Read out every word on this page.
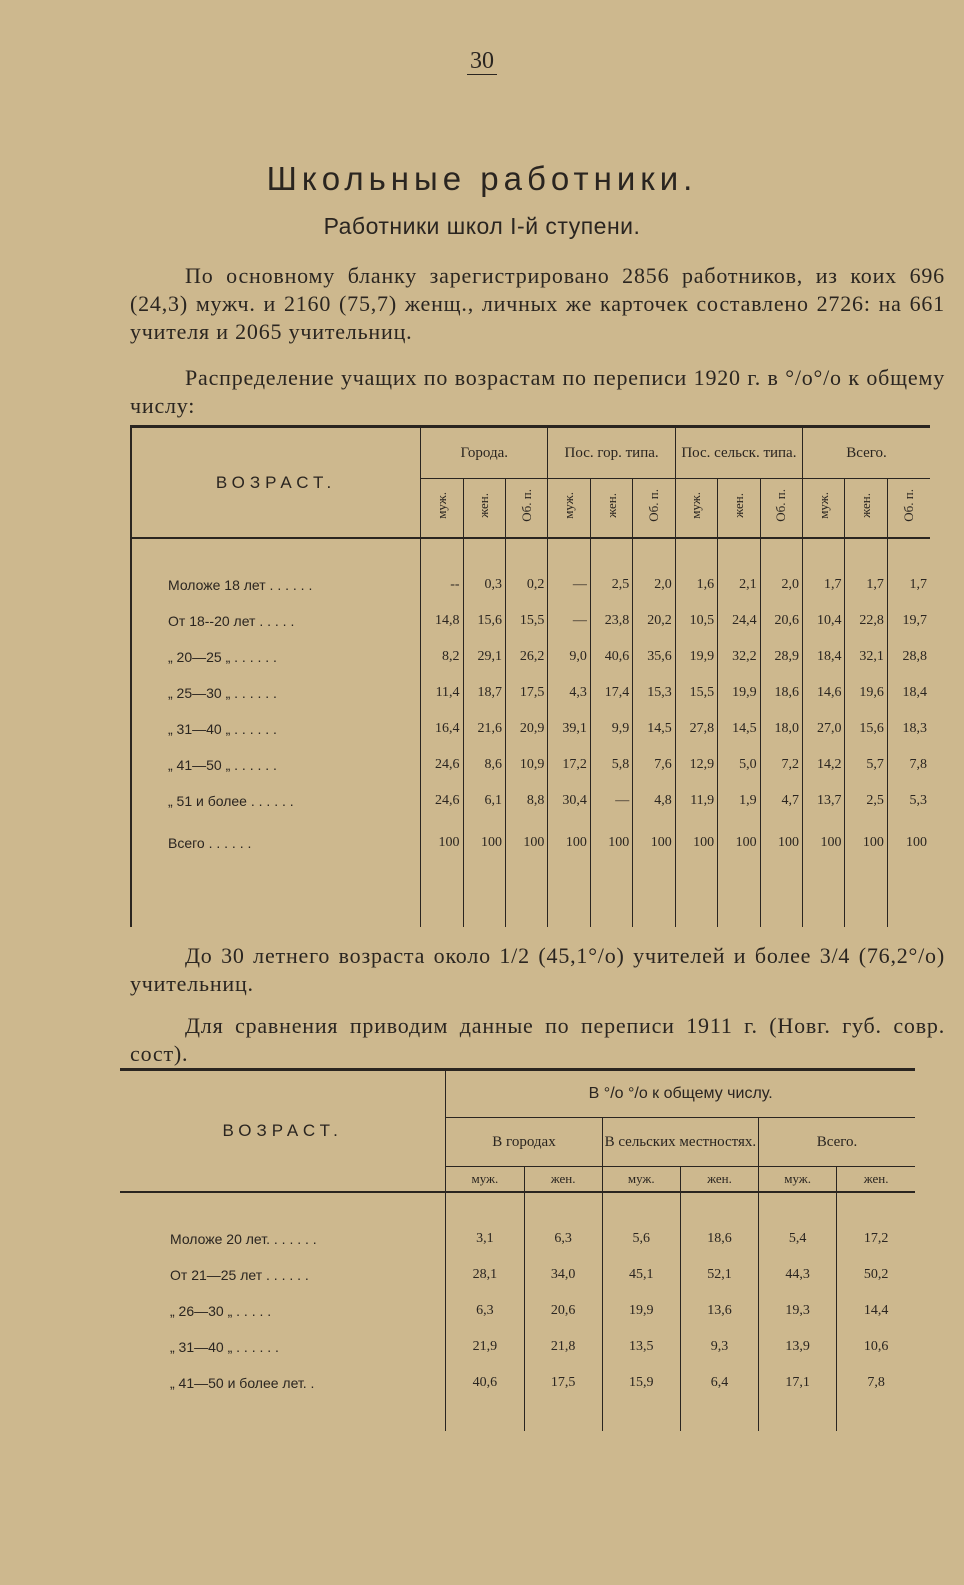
30
Школьные работники.
Работники школ I-й ступени.
По основному бланку зарегистрировано 2856 работников, из коих 696 (24,3) мужч. и 2160 (75,7) женщ., личных же карточек составлено 2726: на 661 учителя и 2065 учительниц.
Распределение учащих по возрастам по переписи 1920 г. в °/о°/о к общему числу:
ВОЗРАСТ.	Города.			Пос. гор. типа.			Пос. сельск. типа.			Всего.		
	муж.	жен.	Об. п.	муж.	жен.	Об. п.	муж.	жен.	Об. п.	муж.	жен.	Об. п.

Моложе 18 лет . . . . . .	--	0,3	0,2	—	2,5	2,0	1,6	2,1	2,0	1,7	1,7	1,7
От 18--20 лет . . . . .	14,8	15,6	15,5	—	23,8	20,2	10,5	24,4	20,6	10,4	22,8	19,7
„ 20—25 „ . . . . . .	8,2	29,1	26,2	9,0	40,6	35,6	19,9	32,2	28,9	18,4	32,1	28,8
„ 25—30 „ . . . . . .	11,4	18,7	17,5	4,3	17,4	15,3	15,5	19,9	18,6	14,6	19,6	18,4
„ 31—40 „ . . . . . .	16,4	21,6	20,9	39,1	9,9	14,5	27,8	14,5	18,0	27,0	15,6	18,3
„ 41—50 „ . . . . . .	24,6	8,6	10,9	17,2	5,8	7,6	12,9	5,0	7,2	14,2	5,7	7,8
„ 51 и более . . . . . .	24,6	6,1	8,8	30,4	—	4,8	11,9	1,9	4,7	13,7	2,5	5,3
Всего . . . . . .	100	100	100	100	100	100	100	100	100	100	100	100

До 30 летнего возраста около 1/2 (45,1°/о) учителей и более 3/4 (76,2°/о) учительниц.
Для сравнения приводим данные по переписи 1911 г. (Новг. губ. совр. сост).
ВОЗРАСТ.	В °/о °/о к общему числу.					
	В городах		В сельских местностях.		Всего.	
	муж.	жен.	муж.	жен.	муж.	жен.

Моложе 20 лет. . . . . . .	3,1	6,3	5,6	18,6	5,4	17,2
От 21—25 лет . . . . . .	28,1	34,0	45,1	52,1	44,3	50,2
„ 26—30 „ . . . . .	6,3	20,6	19,9	13,6	19,3	14,4
„ 31—40 „ . . . . . .	21,9	21,8	13,5	9,3	13,9	10,6
„ 41—50 и более лет. .	40,6	17,5	15,9	6,4	17,1	7,8
